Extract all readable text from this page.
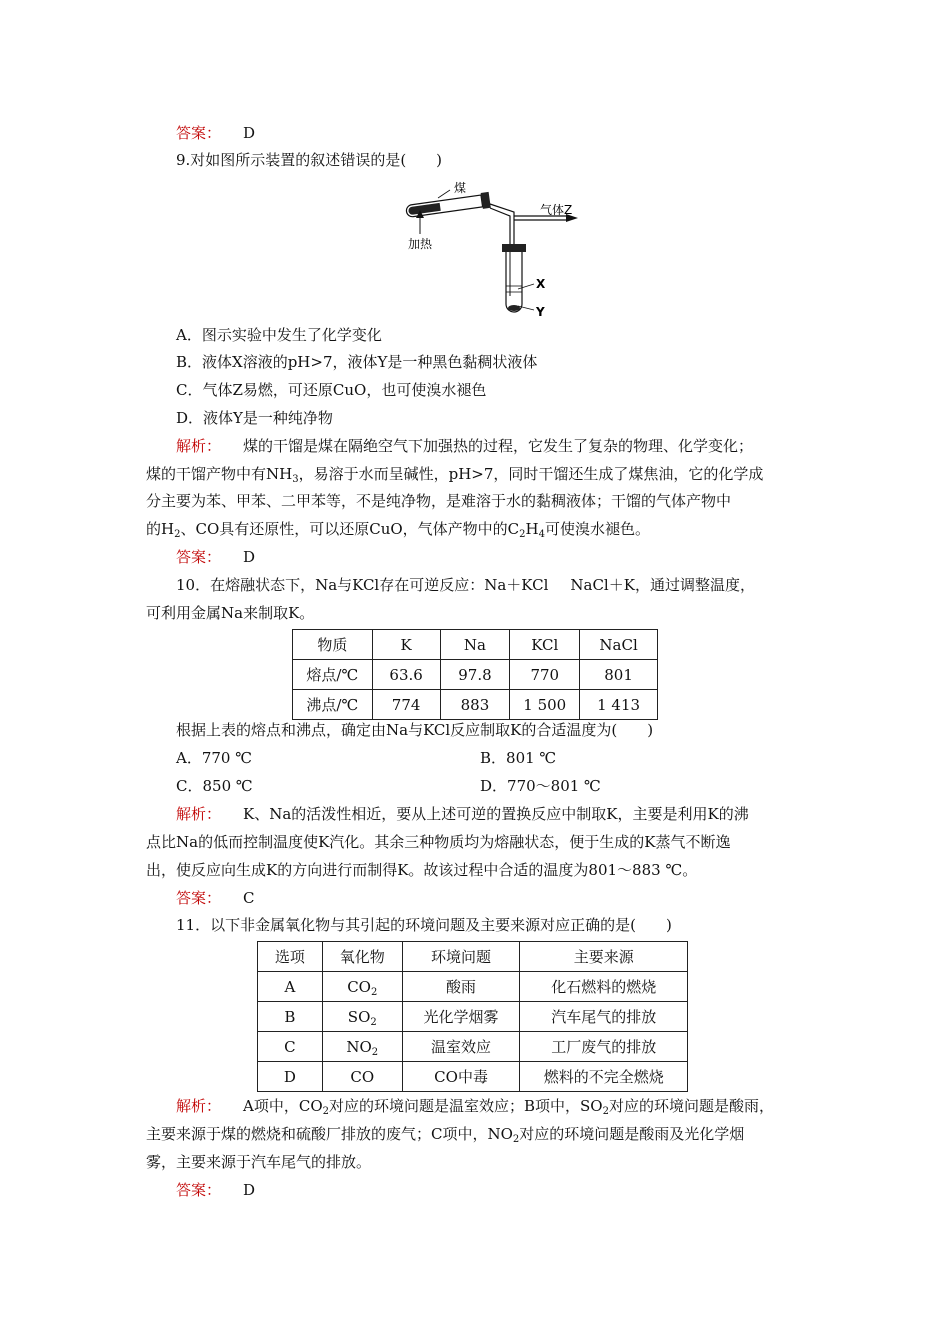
答案： D
9.对如图所示装置的叙述错误的是(　　)
煤
气体Z
加热
X
Y
A．图示实验中发生了化学变化
B．液体X溶液的pH>7，液体Y是一种黑色黏稠状液体
C．气体Z易燃，可还原CuO，也可使溴水褪色
D．液体Y是一种纯净物
解析： 煤的干馏是煤在隔绝空气下加强热的过程，它发生了复杂的物理、化学变化；
煤的干馏产物中有$NH_3$，易溶于水而呈碱性，pH>7，同时干馏还生成了煤焦油，它的化学成
分主要为苯、甲苯、二甲苯等，不是纯净物，是难溶于水的黏稠液体；干馏的气体产物中
的$H_2$、CO具有还原性，可以还原CuO，气体产物中的$C_2H_4$可使溴水褪色。
答案： D
10．在熔融状态下，Na与KCl存在可逆反应：Na＋KCl NaCl＋K，通过调整温度，
可利用金属Na来制取K。
物质	K	Na	KCl	NaCl
熔点/℃	63.6	97.8	770	801
沸点/℃	774	883	1 500	1 413
根据上表的熔点和沸点，确定由Na与KCl反应制取K的合适温度为(　　)
A．770 ℃	B．801 ℃
C．850 ℃	D．770～801 ℃
解析： K、Na的活泼性相近，要从上述可逆的置换反应中制取K，主要是利用K的沸
点比Na的低而控制温度使K汽化。其余三种物质均为熔融状态，便于生成的K蒸气不断逸
出，使反应向生成K的方向进行而制得K。故该过程中合适的温度为801～883 ℃。
答案： C
11．以下非金属氧化物与其引起的环境问题及主要来源对应正确的是(　　)
选项	氧化物	环境问题	主要来源
A	$CO_2$	酸雨	化石燃料的燃烧
B	$SO_2$	光化学烟雾	汽车尾气的排放
C	$NO_2$	温室效应	工厂废气的排放
D	CO	CO中毒	燃料的不完全燃烧
解析： A项中，$CO_2$对应的环境问题是温室效应；B项中，$SO_2$对应的环境问题是酸雨，
主要来源于煤的燃烧和硫酸厂排放的废气；C项中，$NO_2$对应的环境问题是酸雨及光化学烟
雾，主要来源于汽车尾气的排放。
答案： D
